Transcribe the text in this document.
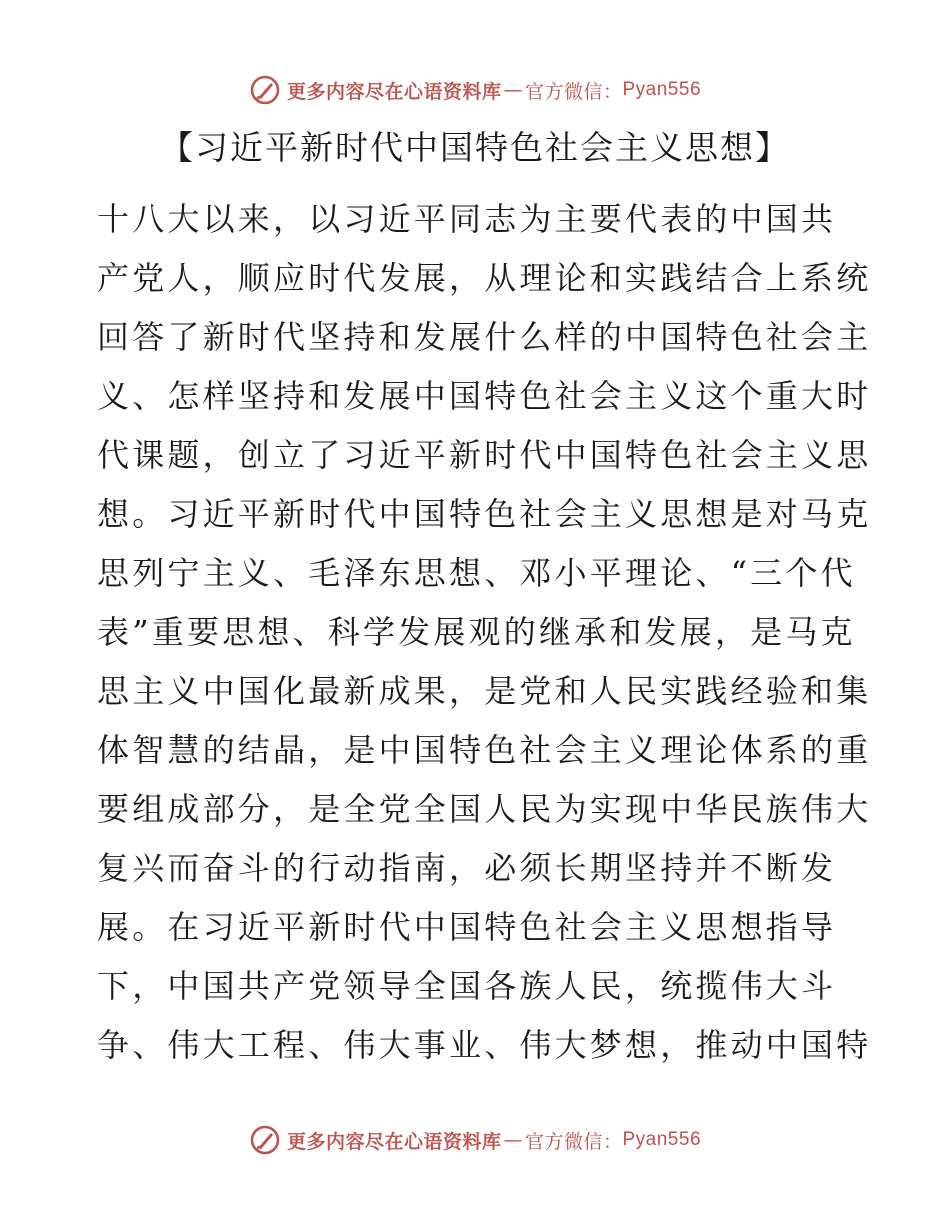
更多内容尽在心语资料库 — 官方微信： Pyan556
【习近平新时代中国特色社会主义思想】
十八大以来，以习近平同志为主要代表的中国共
产党人，顺应时代发展，从理论和实践结合上系统
回答了新时代坚持和发展什么样的中国特色社会主
义、怎样坚持和发展中国特色社会主义这个重大时
代课题，创立了习近平新时代中国特色社会主义思
想。习近平新时代中国特色社会主义思想是对马克
思列宁主义、毛泽东思想、邓小平理论、“三个代
表”重要思想、科学发展观的继承和发展，是马克
思主义中国化最新成果，是党和人民实践经验和集
体智慧的结晶，是中国特色社会主义理论体系的重
要组成部分，是全党全国人民为实现中华民族伟大
复兴而奋斗的行动指南，必须长期坚持并不断发
展。在习近平新时代中国特色社会主义思想指导
下，中国共产党领导全国各族人民，统揽伟大斗
争、伟大工程、伟大事业、伟大梦想，推动中国特
更多内容尽在心语资料库 — 官方微信： Pyan556
